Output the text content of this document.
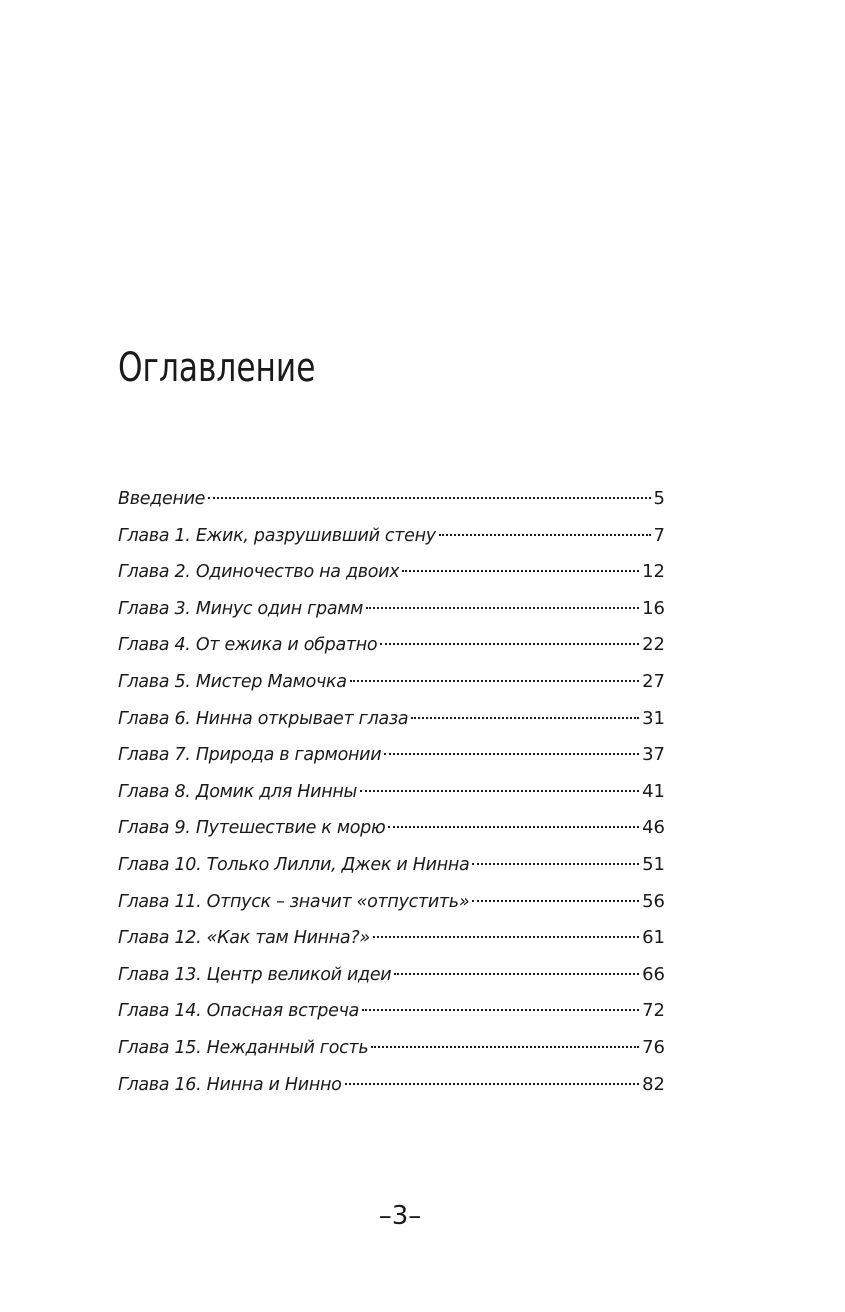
Оглавление
Введение	5
Глава 1. Ежик, разрушивший стену	7
Глава 2. Одиночество на двоих	12
Глава 3. Минус один грамм	16
Глава 4. От ежика и обратно	22
Глава 5. Мистер Мамочка	27
Глава 6. Нинна открывает глаза	31
Глава 7. Природа в гармонии	37
Глава 8. Домик для Нинны	41
Глава 9. Путешествие к морю	46
Глава 10. Только Лилли, Джек и Нинна	51
Глава 11. Отпуск – значит «отпустить»	56
Глава 12. «Как там Нинна?»	61
Глава 13. Центр великой идеи	66
Глава 14. Опасная встреча	72
Глава 15. Нежданный гость	76
Глава 16. Нинна и Нинно	82
–3–
